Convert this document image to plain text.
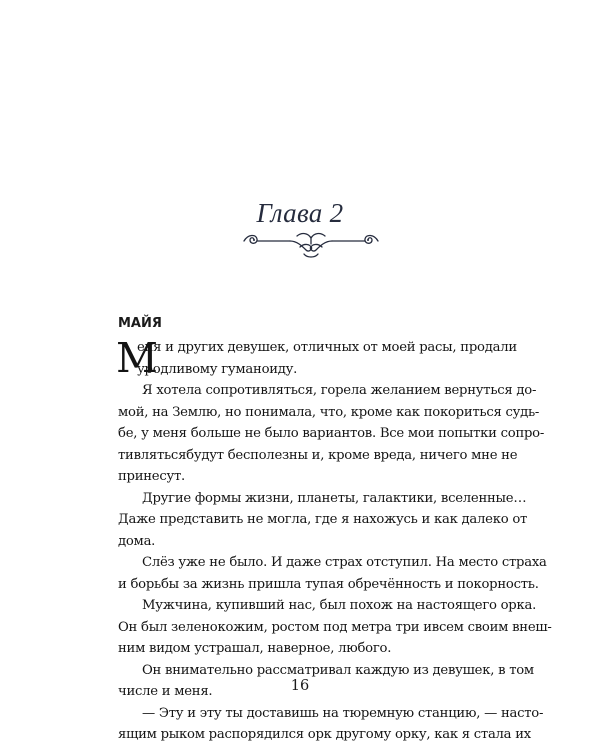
Глава 2
МАЙЯ
М
еня и других девушек, отличных от моей расы, продали
уродливому гуманоиду.
Я хотела сопротивляться, горела желанием вернуться до-
мой, на Землю, но понимала, что, кроме как покориться судь-
бе, у меня больше не было вариантов. Все мои попытки сопро-
тивлятьсябудут бесполезны и, кроме вреда, ничего мне не
принесут.
Другие формы жизни, планеты, галактики, вселенные…
Даже представить не могла, где я нахожусь и как далеко от
дома.
Слёз уже не было. И даже страх отступил. На место страха
и борьбы за жизнь пришла тупая обречённость и покорность.
Мужчина, купивший нас, был похож на настоящего орка.
Он был зеленокожим, ростом под метра три ивсем своим внеш-
ним видом устрашал, наверное, любого.
Он внимательно рассматривал каждую из девушек, в том
числе и меня.
— Эту и эту ты доставишь на тюремную станцию, — насто-
ящим рыком распорядился орк другому орку, как я стала их
16
